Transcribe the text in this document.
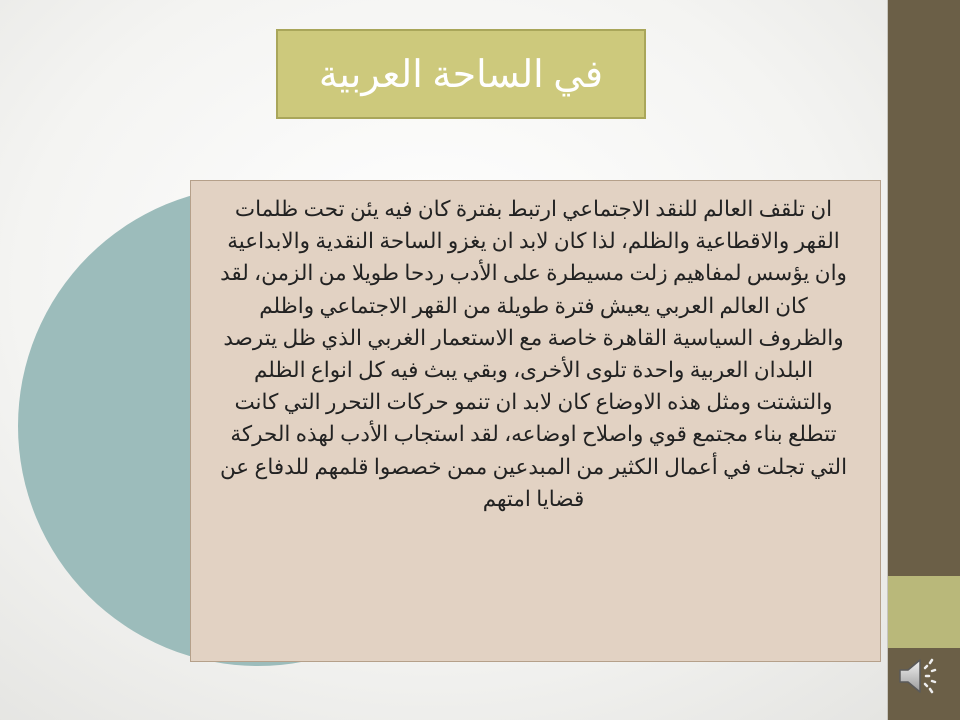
في الساحة العربية

ان تلقف العالم للنقد الاجتماعي ارتبط بفترة كان فيه يئن تحت ظلمات القهر والاقطاعية والظلم، لذا كان لابد ان يغزو الساحة النقدية والابداعية وان يؤسس لمفاهيم زلت مسيطرة على الأدب ردحا طويلا من الزمن، لقد كان العالم العربي يعيش فترة طويلة من القهر الاجتماعي واظلم والظروف السياسية القاهرة خاصة مع الاستعمار الغربي الذي ظل يترصد البلدان العربية واحدة تلوى الأخرى، وبقي يبث فيه كل انواع الظلم والتشتت ومثل هذه الاوضاع كان لابد ان تنمو حركات التحرر التي كانت تتطلع بناء مجتمع قوي واصلاح اوضاعه، لقد استجاب الأدب لهذه الحركة التي تجلت في أعمال الكثير من المبدعين ممن خصصوا قلمهم للدفاع عن قضايا امتهم
